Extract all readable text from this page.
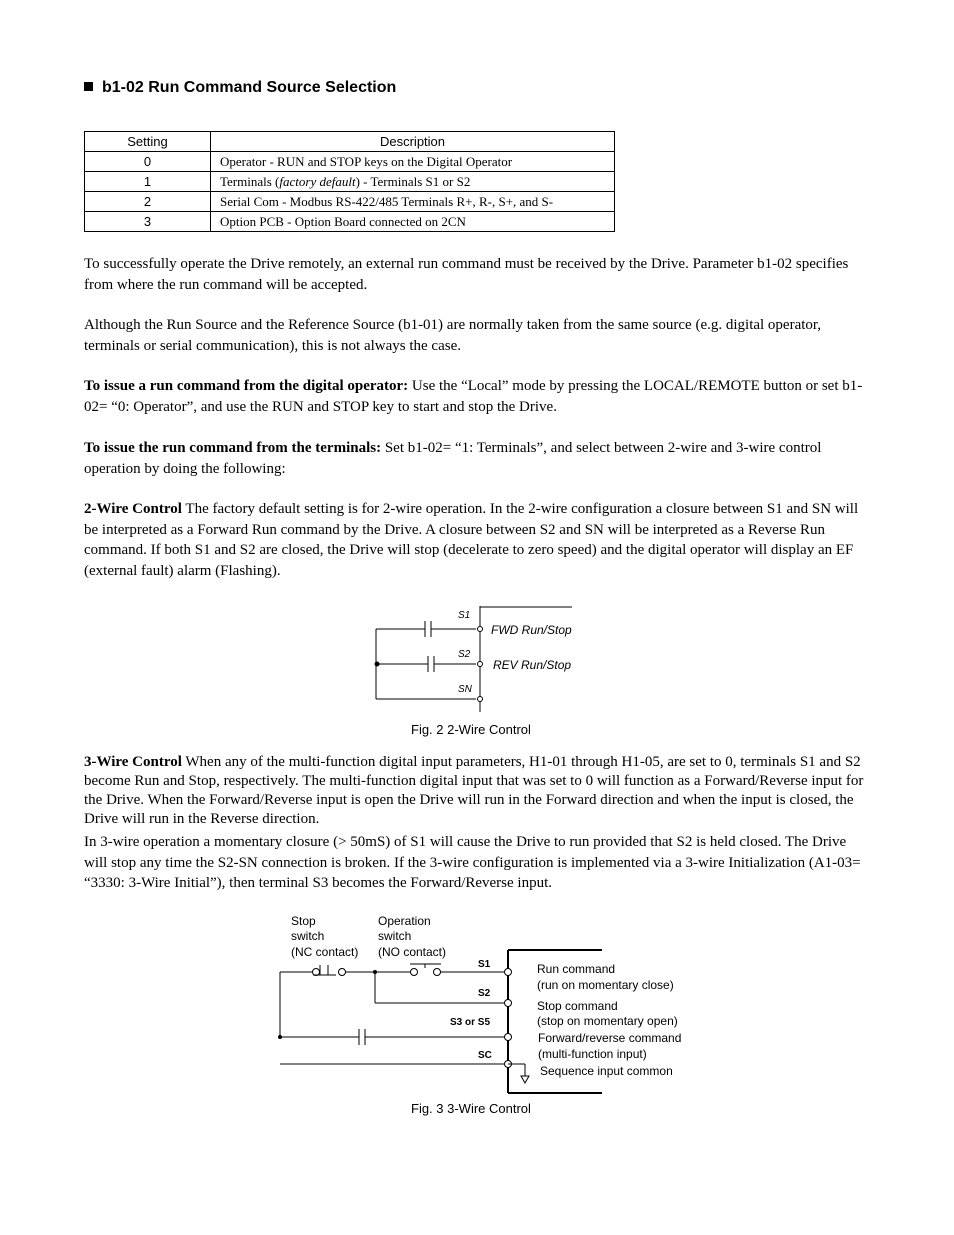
b1-02 Run Command Source Selection
Setting	Description
0	Operator - RUN and STOP keys on the Digital Operator
1	Terminals (factory default) - Terminals S1 or S2
2	Serial Com - Modbus RS-422/485 Terminals R+, R-, S+, and S-
3	Option PCB - Option Board connected on 2CN
To successfully operate the Drive remotely, an external run command must be received by the Drive. Parameter b1-02 specifies from where the run command will be accepted.
Although the Run Source and the Reference Source (b1-01) are normally taken from the same source (e.g. digital operator, terminals or serial communication), this is not always the case.
To issue a run command from the digital operator: Use the “Local” mode by pressing the LOCAL/REMOTE button or set b1-02= “0: Operator”, and use the RUN and STOP key to start and stop the Drive.
To issue the run command from the terminals: Set b1-02= “1: Terminals”, and select between 2-wire and 3-wire control operation by doing the following:
2-Wire Control The factory default setting is for 2-wire operation. In the 2-wire configuration a closure between S1 and SN will be interpreted as a Forward Run command by the Drive. A closure between S2 and SN will be interpreted as a Reverse Run command. If both S1 and S2 are closed, the Drive will stop (decelerate to zero speed) and the digital operator will display an EF (external fault) alarm (Flashing).
S1
S2
SN
FWD Run/Stop
REV Run/Stop
Fig. 2 2-Wire Control
3-Wire Control When any of the multi-function digital input parameters, H1-01 through H1-05, are set to 0, terminals S1 and S2 become Run and Stop, respectively. The multi-function digital input that was set to 0 will function as a Forward/Reverse input for the Drive. When the Forward/Reverse input is open the Drive will run in the Forward direction and when the input is closed, the Drive will run in the Reverse direction.
In 3-wire operation a momentary closure (> 50mS) of S1 will cause the Drive to run provided that S2 is held closed. The Drive will stop any time the S2-SN connection is broken. If the 3-wire configuration is implemented via a 3-wire Initialization (A1-03= “3330: 3-Wire Initial”), then terminal S3 becomes the Forward/Reverse input.
Stop
switch
(NC contact)
Operation
switch
(NO contact)
S1
S2
S3 or S5
SC
Run command
(run on momentary close)
Stop command
(stop on momentary open)
Forward/reverse command
(multi-function input)
Sequence input common
Fig. 3 3-Wire Control
